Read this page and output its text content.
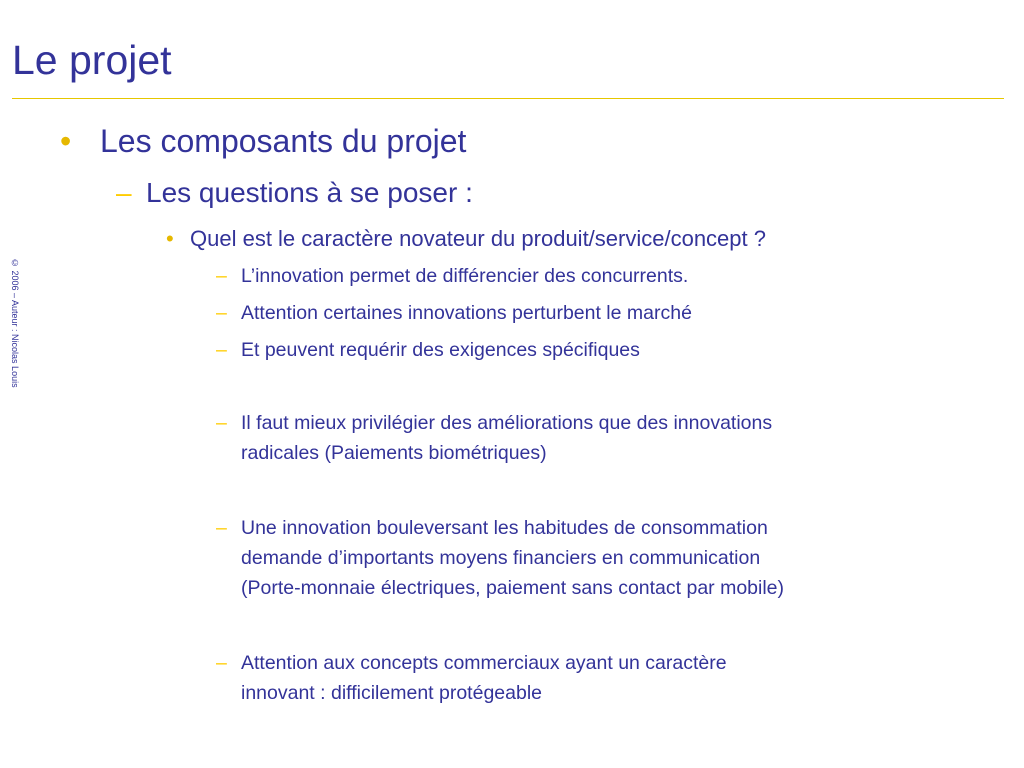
Le projet
© 2006 – Auteur : Nicolas Louis
• Les composants du projet
– Les questions à se poser :
• Quel est le caractère novateur du produit/service/concept ?
– L’innovation permet de différencier des concurrents.
– Attention certaines innovations perturbent le marché
– Et peuvent requérir des exigences spécifiques
– Il faut mieux privilégier des améliorations que des innovations
radicales (Paiements biométriques)
– Une innovation bouleversant les habitudes de consommation
demande d’importants moyens financiers en communication
(Porte-monnaie électriques, paiement sans contact par mobile)
– Attention aux concepts commerciaux ayant un caractère
innovant : difficilement protégeable
